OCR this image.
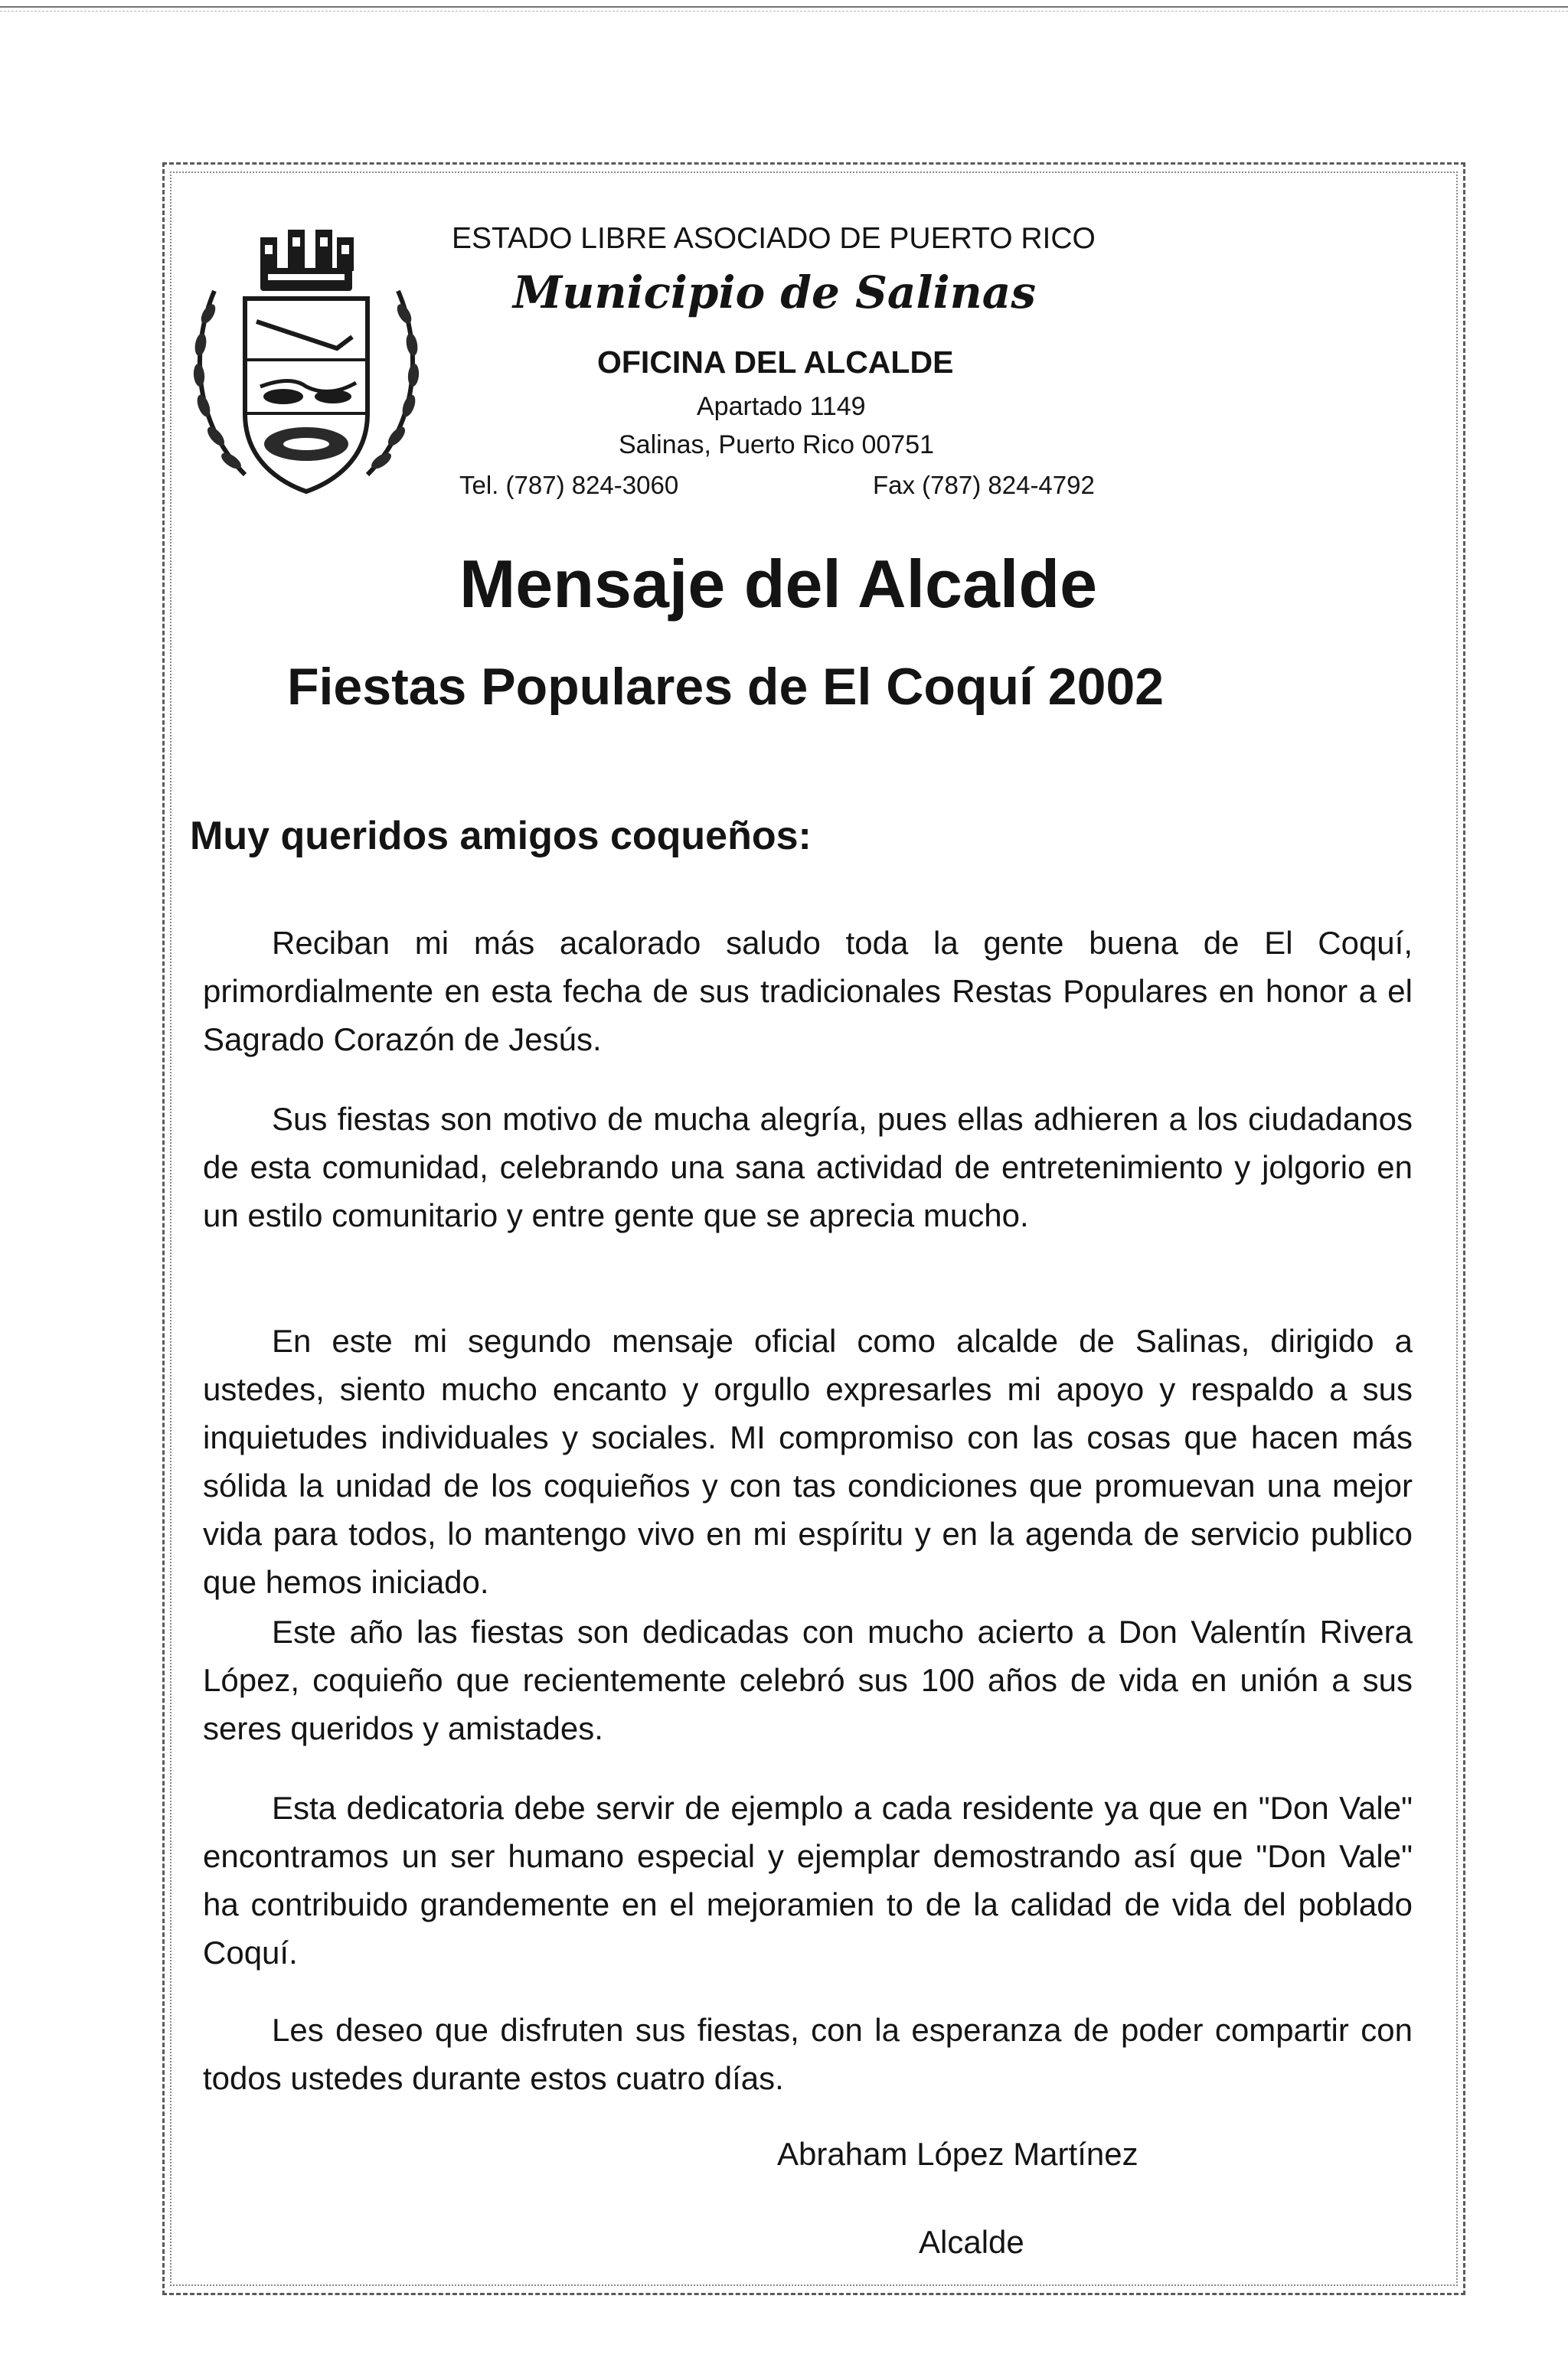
ESTADO LIBRE ASOCIADO DE PUERTO RICO
Municipio de Salinas
OFICINA DEL ALCALDE
Apartado 1149
Salinas, Puerto Rico 00751
Tel. (787) 824-3060	Fax (787) 824-4792
Mensaje del Alcalde
Fiestas Populares de El Coquí 2002
Muy queridos amigos coqueños:

Reciban mi más acalorado saludo toda la gente buena de El Coquí, primordialmente en esta fecha de sus tradicionales Restas Populares en honor a el Sagrado Corazón de Jesús.

Sus fiestas son motivo de mucha alegría, pues ellas adhieren a los ciudadanos de esta comunidad, celebrando una sana actividad de entretenimiento y jolgorio en un estilo comunitario y entre gente que se aprecia mucho.

En este mi segundo mensaje oficial como alcalde de Salinas, dirigido a ustedes, siento mucho encanto y orgullo expresarles mi apoyo y respaldo a sus inquietudes individuales y sociales. MI compromiso con las cosas que hacen más sólida la unidad de los coquieños y con tas condiciones que promuevan una mejor vida para todos, lo mantengo vivo en mi espíritu y en la agenda de servicio publico que hemos iniciado.

Este año las fiestas son dedicadas con mucho acierto a Don Valentín Rivera López, coquieño que recientemente celebró sus 100 años de vida en unión a sus seres queridos y amistades.

Esta dedicatoria debe servir de ejemplo a cada residente ya que en "Don Vale" encontramos un ser humano especial y ejemplar demostrando así que "Don Vale" ha contribuido grandemente en el mejoramien to de la calidad de vida del poblado Coquí.

Les deseo que disfruten sus fiestas, con la esperanza de poder compartir con todos ustedes durante estos cuatro días.

Abraham López Martínez
Alcalde
